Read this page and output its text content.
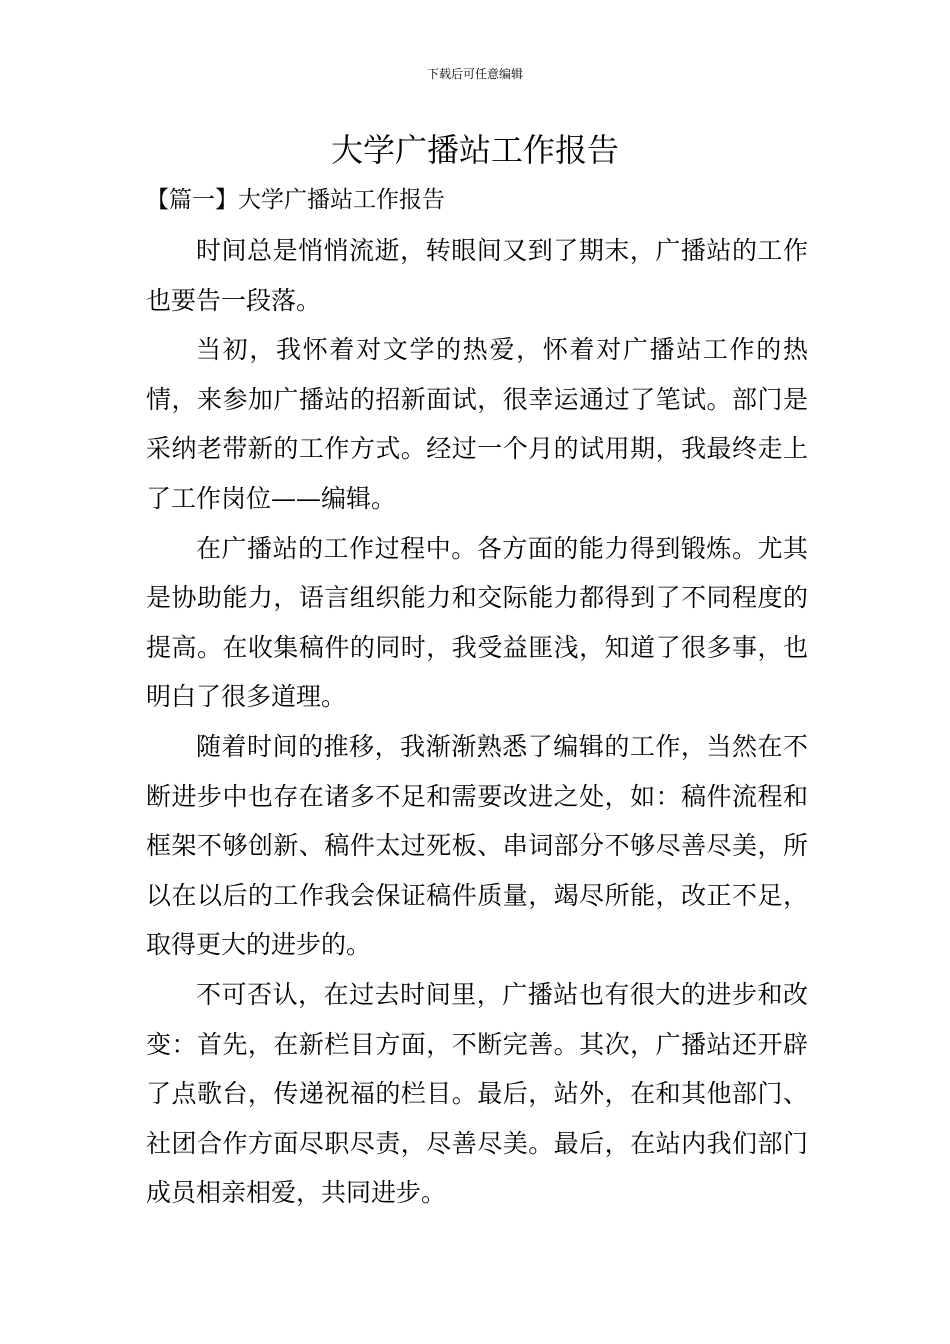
下载后可任意编辑
大学广播站工作报告
【篇一】大学广播站工作报告

时间总是悄悄流逝，转眼间又到了期末，广播站的工作也要告一段落。

当初，我怀着对文学的热爱，怀着对广播站工作的热情，来参加广播站的招新面试，很幸运通过了笔试。部门是采纳老带新的工作方式。经过一个月的试用期，我最终走上了工作岗位——编辑。

在广播站的工作过程中。各方面的能力得到锻炼。尤其是协助能力，语言组织能力和交际能力都得到了不同程度的提高。在收集稿件的同时，我受益匪浅，知道了很多事，也明白了很多道理。

随着时间的推移，我渐渐熟悉了编辑的工作，当然在不断进步中也存在诸多不足和需要改进之处，如：稿件流程和框架不够创新、稿件太过死板、串词部分不够尽善尽美，所以在以后的工作我会保证稿件质量，竭尽所能，改正不足，取得更大的进步的。

不可否认，在过去时间里，广播站也有很大的进步和改变：首先，在新栏目方面，不断完善。其次，广播站还开辟了点歌台，传递祝福的栏目。最后，站外，在和其他部门、社团合作方面尽职尽责，尽善尽美。最后，在站内我们部门成员相亲相爱，共同进步。
